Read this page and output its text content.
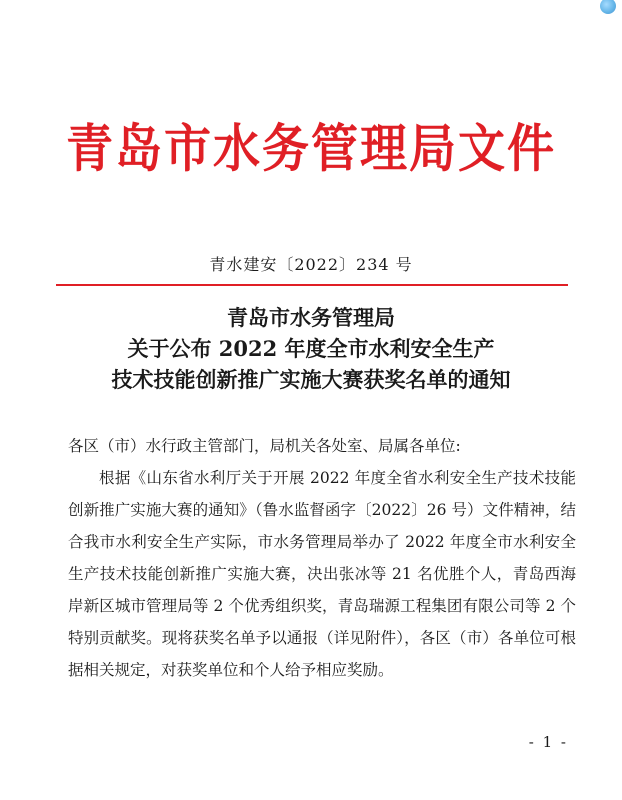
青岛市水务管理局文件
青水建安〔2022〕234 号
青岛市水务管理局
关于公布 2022 年度全市水利安全生产
技术技能创新推广实施大赛获奖名单的通知

各区（市）水行政主管部门，局机关各处室、局属各单位:

根据《山东省水利厅关于开展 2022 年度全省水利安全生产技术技能创新推广实施大赛的通知》（鲁水监督函字〔2022〕26 号）文件精神，结合我市水利安全生产实际，市水务管理局举办了 2022 年度全市水利安全生产技术技能创新推广实施大赛，决出张冰等 21 名优胜个人，青岛西海岸新区城市管理局等 2 个优秀组织奖，青岛瑞源工程集团有限公司等 2 个特别贡献奖。现将获奖名单予以通报（详见附件），各区（市）各单位可根据相关规定，对获奖单位和个人给予相应奖励。

- 1 -
